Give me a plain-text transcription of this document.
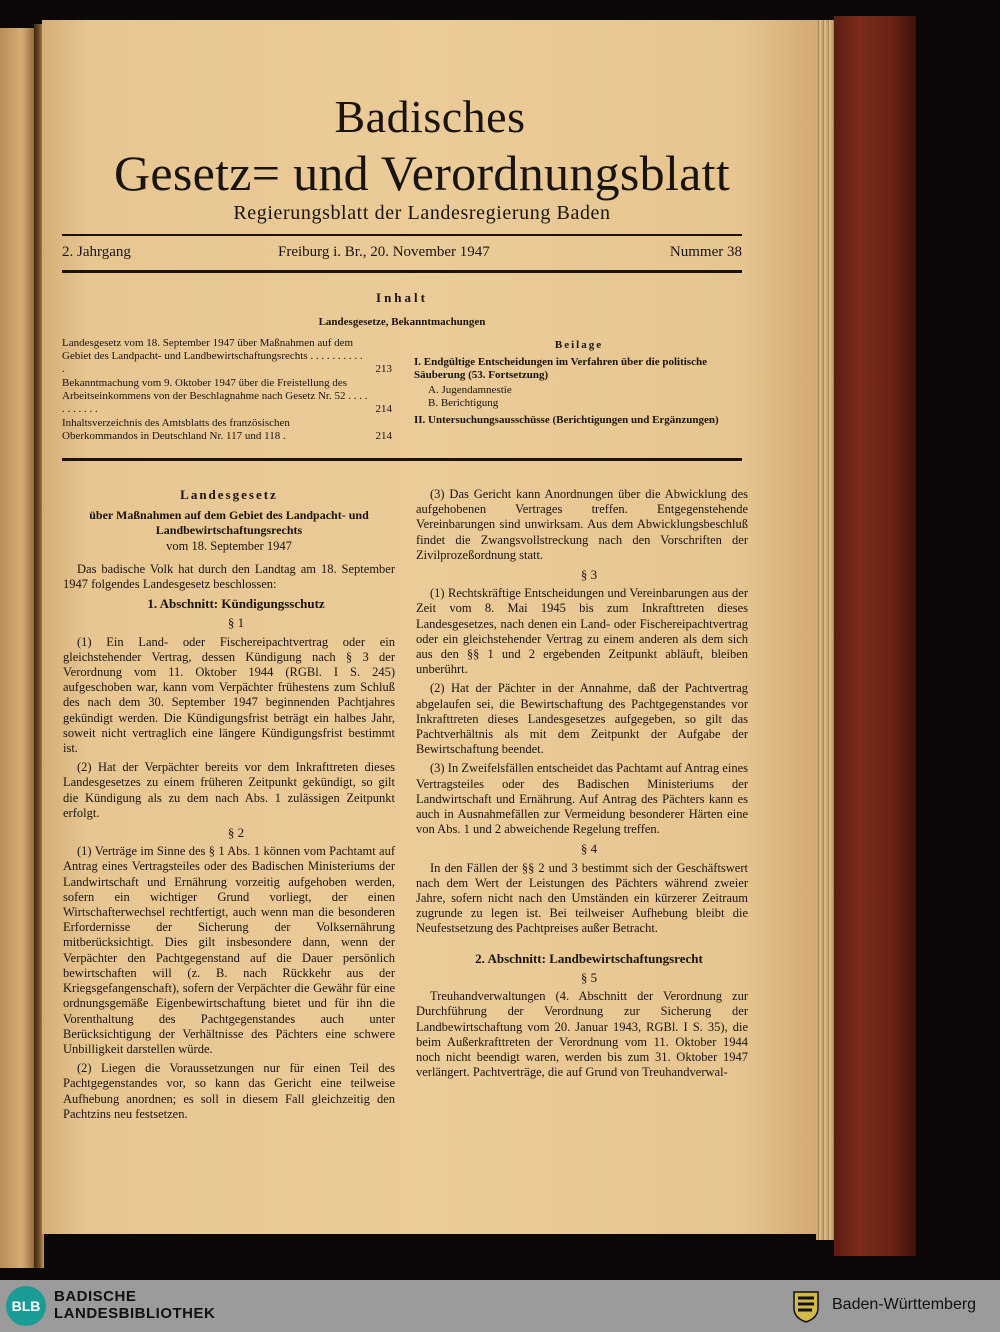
Badisches
Gesetz= und Verordnungsblatt
Regierungsblatt der Landesregierung Baden
2. Jahrgang	Freiburg i. Br., 20. November 1947	Nummer 38
Inhalt
Landesgesetze, Bekanntmachungen
Landesgesetz vom 18. September 1947 über Maßnahmen auf dem Gebiet des Landpacht- und Landbewirtschaftungsrechts . . . . . . . . . . .	213
Bekanntmachung vom 9. Oktober 1947 über die Freistellung des Arbeitseinkommens von der Beschlagnahme nach Gesetz Nr. 52 . . . . . . . . . . .	214
Inhaltsverzeichnis des Amtsblatts des französischen Oberkommandos in Deutschland Nr. 117 und 118 .	214
Beilage
I. Endgültige Entscheidungen im Verfahren über die politische Säuberung (53. Fortsetzung)
A. Jugendamnestie
B. Berichtigung
II. Untersuchungsausschüsse (Berichtigungen und Ergänzungen)

Landesgesetz

über Maßnahmen auf dem Gebiet des Landpacht- und Landbewirtschaftungsrechts

vom 18. September 1947

Das badische Volk hat durch den Landtag am 18. September 1947 folgendes Landesgesetz beschlossen:

1. Abschnitt: Kündigungsschutz

§ 1

(1) Ein Land- oder Fischereipachtvertrag oder ein gleichstehender Vertrag, dessen Kündigung nach § 3 der Verordnung vom 11. Oktober 1944 (RGBl. I S. 245) aufgeschoben war, kann vom Verpächter frühestens zum Schluß des nach dem 30. September 1947 beginnenden Pachtjahres gekündigt werden. Die Kündigungsfrist beträgt ein halbes Jahr, soweit nicht vertraglich eine längere Kündigungsfrist bestimmt ist.

(2) Hat der Verpächter bereits vor dem Inkrafttreten dieses Landesgesetzes zu einem früheren Zeitpunkt gekündigt, so gilt die Kündigung als zu dem nach Abs. 1 zulässigen Zeitpunkt erfolgt.

§ 2

(1) Verträge im Sinne des § 1 Abs. 1 können vom Pachtamt auf Antrag eines Vertragsteiles oder des Badischen Ministeriums der Landwirtschaft und Ernährung vorzeitig aufgehoben werden, sofern ein wichtiger Grund vorliegt, der einen Wirtschafterwechsel rechtfertigt, auch wenn man die besonderen Erfordernisse der Sicherung der Volksernährung mitberücksichtigt. Dies gilt insbesondere dann, wenn der Verpächter den Pachtgegenstand auf die Dauer persönlich bewirtschaften will (z. B. nach Rückkehr aus der Kriegsgefangenschaft), sofern der Verpächter die Gewähr für eine ordnungsgemäße Eigenbewirtschaftung bietet und für ihn die Vorenthaltung des Pachtgegenstandes auch unter Berücksichtigung der Verhältnisse des Pächters eine schwere Unbilligkeit darstellen würde.

(2) Liegen die Voraussetzungen nur für einen Teil des Pachtgegenstandes vor, so kann das Gericht eine teilweise Aufhebung anordnen; es soll in diesem Fall gleichzeitig den Pachtzins neu festsetzen.

(3) Das Gericht kann Anordnungen über die Abwicklung des aufgehobenen Vertrages treffen. Entgegenstehende Vereinbarungen sind unwirksam. Aus dem Abwicklungsbeschluß findet die Zwangsvollstreckung nach den Vorschriften der Zivilprozeßordnung statt.

§ 3

(1) Rechtskräftige Entscheidungen und Vereinbarungen aus der Zeit vom 8. Mai 1945 bis zum Inkrafttreten dieses Landesgesetzes, nach denen ein Land- oder Fischereipachtvertrag oder ein gleichstehender Vertrag zu einem anderen als dem sich aus den §§ 1 und 2 ergebenden Zeitpunkt abläuft, bleiben unberührt.

(2) Hat der Pächter in der Annahme, daß der Pachtvertrag abgelaufen sei, die Bewirtschaftung des Pachtgegenstandes vor Inkrafttreten dieses Landesgesetzes aufgegeben, so gilt das Pachtverhältnis als mit dem Zeitpunkt der Aufgabe der Bewirtschaftung beendet.

(3) In Zweifelsfällen entscheidet das Pachtamt auf Antrag eines Vertragsteiles oder des Badischen Ministeriums der Landwirtschaft und Ernährung. Auf Antrag des Pächters kann es auch in Ausnahmefällen zur Vermeidung besonderer Härten eine von Abs. 1 und 2 abweichende Regelung treffen.

§ 4

In den Fällen der §§ 2 und 3 bestimmt sich der Geschäftswert nach dem Wert der Leistungen des Pächters während zweier Jahre, sofern nicht nach den Umständen ein kürzerer Zeitraum zugrunde zu legen ist. Bei teilweiser Aufhebung bleibt die Neufestsetzung des Pachtpreises außer Betracht.

2. Abschnitt: Landbewirtschaftungsrecht

§ 5

Treuhandverwaltungen (4. Abschnitt der Verordnung zur Durchführung der Verordnung zur Sicherung der Landbewirtschaftung vom 20. Januar 1943, RGBl. I S. 35), die beim Außerkrafttreten der Verordnung vom 11. Oktober 1944 noch nicht beendigt waren, werden bis zum 31. Oktober 1947 verlängert. Pachtverträge, die auf Grund von Treuhandverwal-

BLB
BADISCHE
LANDESBIBLIOTHEK
Baden-Württemberg
